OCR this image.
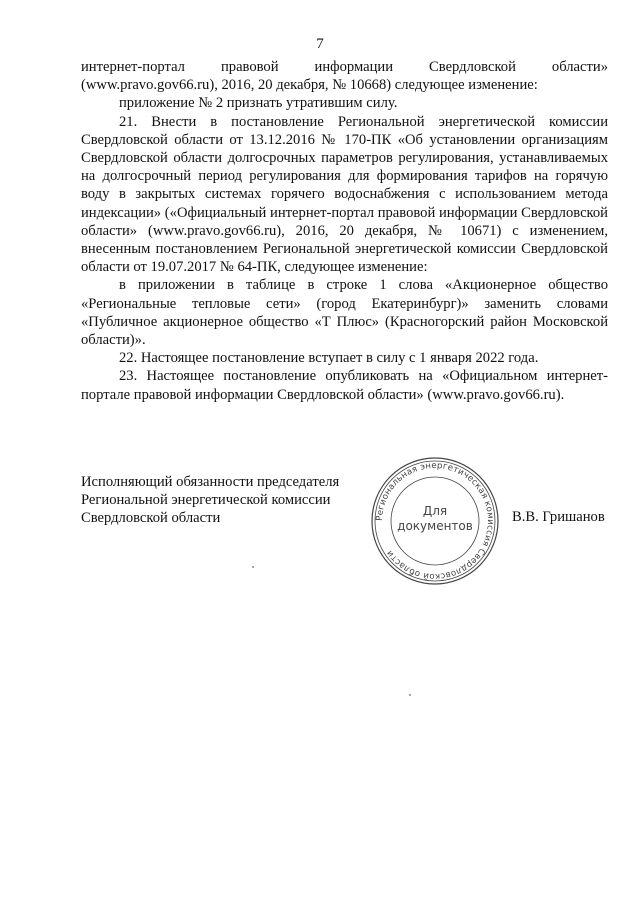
7

интернет-портал правовой информации Свердловской области» (www.pravo.gov66.ru), 2016, 20 декабря, № 10668) следующее изменение:

приложение № 2 признать утратившим силу.

21. Внести в постановление Региональной энергетической комиссии Свердловской области от 13.12.2016 № 170-ПК «Об установлении организациям Свердловской области долгосрочных параметров регулирования, устанавливаемых на долгосрочный период регулирования для формирования тарифов на горячую воду в закрытых системах горячего водоснабжения с использованием метода индексации» («Официальный интернет-портал правовой информации Свердловской области» (www.pravo.gov66.ru), 2016, 20 декабря, № 10671) с изменением, внесенным постановлением Региональной энергетической комиссии Свердловской области от 19.07.2017 № 64-ПК, следующее изменение:

в приложении в таблице в строке 1 слова «Акционерное общество «Региональные тепловые сети» (город Екатеринбург)» заменить словами «Публичное акционерное общество «Т Плюс» (Красногорский район Московской области)».

22. Настоящее постановление вступает в силу с 1 января 2022 года.

23. Настоящее постановление опубликовать на «Официальном интернет-портале правовой информации Свердловской области» (www.pravo.gov66.ru).

Исполняющий обязанности председателя
Региональной энергетической комиссии
Свердловской области	В.В. Гришанов
Региональная энергетическая комиссия Свердловской области
Для
документов
